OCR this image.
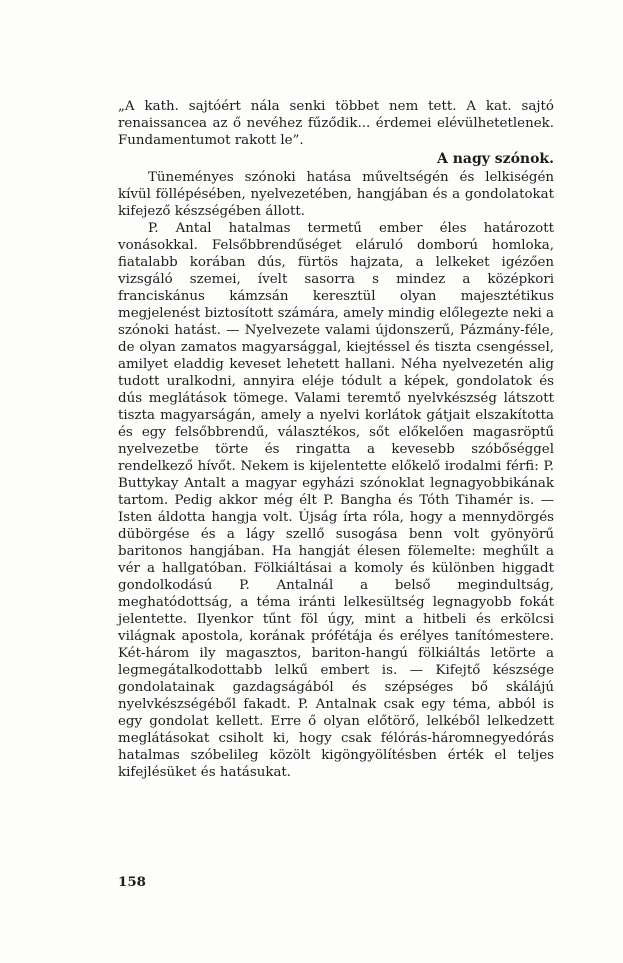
„A kath. sajtóért nála senki többet nem tett. A kat. sajtó renaissancea az ő nevéhez fűződik... érdemei elévülhetetlenek. Fundamentumot rakott le”.

A nagy szónok.

Tüneményes szónoki hatása műveltségén és lelkiségén kívül föllépésében, nyelvezetében, hangjában és a gondolatokat kifejező készségében állott.

P. Antal hatalmas termetű ember éles határozott vonásokkal. Felsőbbrendűséget eláruló domború homloka, fiatalabb korában dús, fürtös hajzata, a lelkeket igézően vizsgáló szemei, ívelt sasorra s mindez a középkori franciskánus kámzsán keresztül olyan majesztétikus megjelenést biztosított számára, amely mindig előlegezte neki a szónoki hatást. — Nyelvezete valami újdonszerű, Pázmány-féle, de olyan zamatos magyarsággal, kiejtéssel és tiszta csengéssel, amilyet eladdig keveset lehetett hallani. Néha nyelvezetén alig tudott uralkodni, annyira eléje tódult a képek, gondolatok és dús meglátások tömege. Valami teremtő nyelvkészség látszott tiszta magyarságán, amely a nyelvi korlátok gátjait elszakította és egy felsőbbrendű, választékos, sőt előkelően magasröptű nyelvezetbe törte és ringatta a kevesebb szóbőséggel rendelkező hívőt. Nekem is kijelentette előkelő irodalmi férfi: P. Buttykay Antalt a magyar egyházi szónoklat legnagyobbikának tartom. Pedig akkor még élt P. Bangha és Tóth Tihamér is. — Isten áldotta hangja volt. Újság írta róla, hogy a mennydörgés dübörgése és a lágy szellő susogása benn volt gyönyörű baritonos hangjában. Ha hangját élesen fölemelte: meghűlt a vér a hallgatóban. Fölkiáltásai a komoly és különben higgadt gondolkodású P. Antalnál a belső megindultság, meghatódottság, a téma iránti lelkesültség legnagyobb fokát jelentette. Ilyenkor tűnt föl úgy, mint a hitbeli és erkölcsi világnak apostola, korának prófétája és erélyes tanítómestere. Két-három ily magasztos, bariton-hangú fölkiáltás letörte a legmegátalkodottabb lelkű embert is. — Kifejtő készsége gondolatainak gazdagságából és szépséges bő skálájú nyelvkészségéből fakadt. P. Antalnak csak egy téma, abból is egy gondolat kellett. Erre ő olyan előtörő, lelkéből lelkedzett meglátásokat csiholt ki, hogy csak félórás-háromnegyedórás hatalmas szóbelileg közölt kigöngyölítésben érték el teljes kifejlésüket és hatásukat.

158
